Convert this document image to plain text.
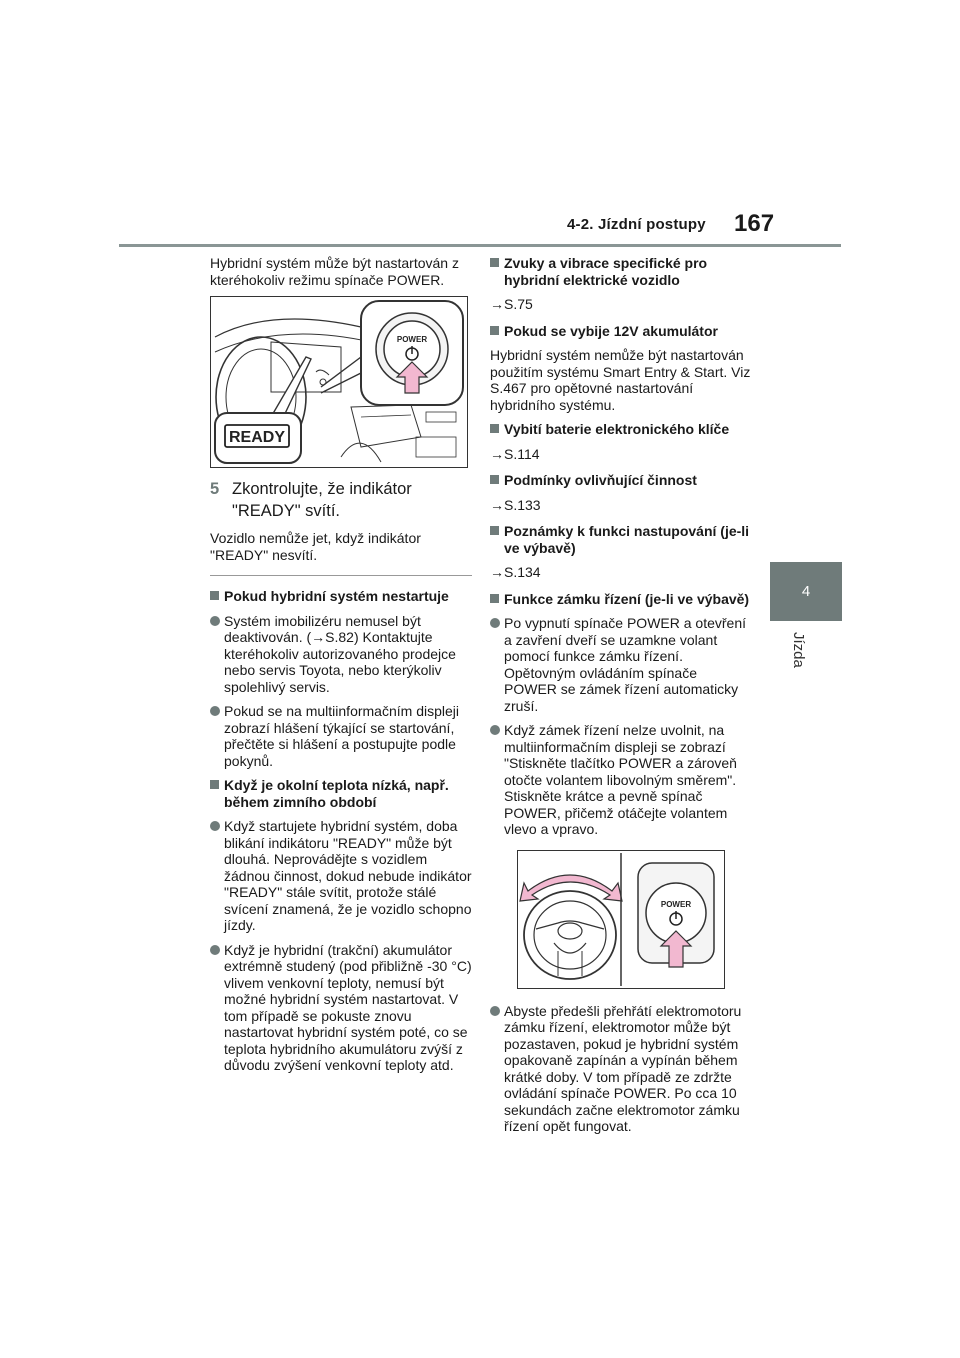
4-2. Jízdní postupy 167
4
Jízda

Hybridní systém může být nastartován z kteréhokoliv režimu spínače POWER.

POWER
READY
5 Zkontrolujte, že indikátor "READY" svítí.

Vozidlo nemůže jet, když indikátor "READY" nesvítí.

Pokud hybridní systém nestartuje
Systém imobilizéru nemusel být deaktivován. (→S.82) Kontaktujte kteréhokoliv autorizovaného prodejce nebo servis Toyota, nebo kterýkoliv spolehlivý servis.
Pokud se na multiinformačním displeji zobrazí hlášení týkající se startování, přečtěte si hlášení a postupujte podle pokynů.
Když je okolní teplota nízká, např. během zimního období
Když startujete hybridní systém, doba blikání indikátoru "READY" může být dlouhá. Neprovádějte s vozidlem žádnou činnost, dokud nebude indikátor "READY" stále svítit, protože stálé svícení znamená, že je vozidlo schopno jízdy.
Když je hybridní (trakční) akumulátor extrémně studený (pod přibližně -30 °C) vlivem venkovní teploty, nemusí být možné hybridní systém nastartovat. V tom případě se pokuste znovu nastartovat hybridní systém poté, co se teplota hybridního akumulátoru zvýší z důvodu zvýšení venkovní teploty atd.
Zvuky a vibrace specifické pro hybridní elektrické vozidlo

→S.75

Pokud se vybije 12V akumulátor

Hybridní systém nemůže být nastartován použitím systému Smart Entry & Start. Viz S.467 pro opětovné nastartování hybridního systému.

Vybití baterie elektronického klíče

→S.114

Podmínky ovlivňující činnost

→S.133

Poznámky k funkci nastupování (je-li ve výbavě)

→S.134

Funkce zámku řízení (je-li ve výbavě)
Po vypnutí spínače POWER a otevření a zavření dveří se uzamkne volant pomocí funkce zámku řízení. Opětovným ovládáním spínače POWER se zámek řízení automaticky zruší.
Když zámek řízení nelze uvolnit, na multiinformačním displeji se zobrazí "Stiskněte tlačítko POWER a zároveň otočte volantem libovolným směrem". Stiskněte krátce a pevně spínač POWER, přičemž otáčejte volantem vlevo a vpravo.
POWER
Abyste předešli přehřátí elektromotoru zámku řízení, elektromotor může být pozastaven, pokud je hybridní systém opakovaně zapínán a vypínán během krátké doby. V tom případě ze zdržte ovládání spínače POWER. Po cca 10 sekundách začne elektromotor zámku řízení opět fungovat.
